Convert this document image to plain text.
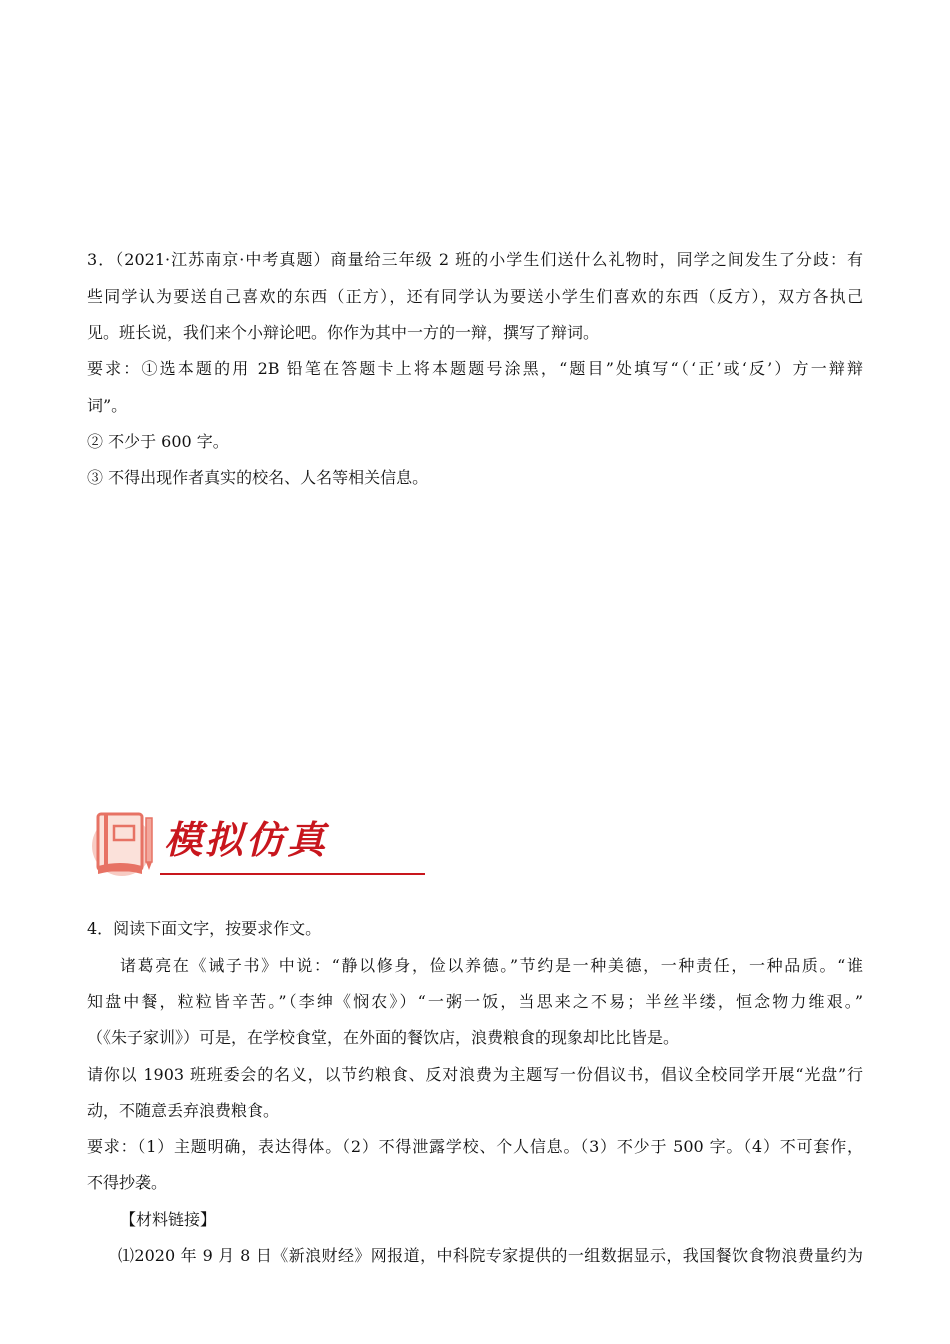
3．（2021·江苏南京·中考真题）商量给三年级 2 班的小学生们送什么礼物时，同学之间发生了分歧：有
些同学认为要送自己喜欢的东西（正方），还有同学认为要送小学生们喜欢的东西（反方），双方各执己
见。班长说，我们来个小辩论吧。你作为其中一方的一辩，撰写了辩词。
要求：①选本题的用 2B 铅笔在答题卡上将本题题号涂黑，“题目”处填写“（‘正’或‘反’）方一辩辩
词”。
② 不少于 600 字。
③ 不得出现作者真实的校名、人名等相关信息。
模拟仿真
4．阅读下面文字，按要求作文。
诸葛亮在《诫子书》中说：“静以修身，俭以养德。”节约是一种美德，一种责任，一种品质。“谁
知盘中餐，粒粒皆辛苦。”（李绅《悯农》）“一粥一饭，当思来之不易；半丝半缕，恒念物力维艰。”
（《朱子家训》）可是，在学校食堂，在外面的餐饮店，浪费粮食的现象却比比皆是。
请你以 1903 班班委会的名义，以节约粮食、反对浪费为主题写一份倡议书，倡议全校同学开展“光盘”行
动，不随意丢弃浪费粮食。
要求：（1）主题明确，表达得体。（2）不得泄露学校、个人信息。（3）不少于 500 字。（4）不可套作，
不得抄袭。
【材料链接】
⑴2020 年 9 月 8 日《新浪财经》网报道，中科院专家提供的一组数据显示，我国餐饮食物浪费量约为
